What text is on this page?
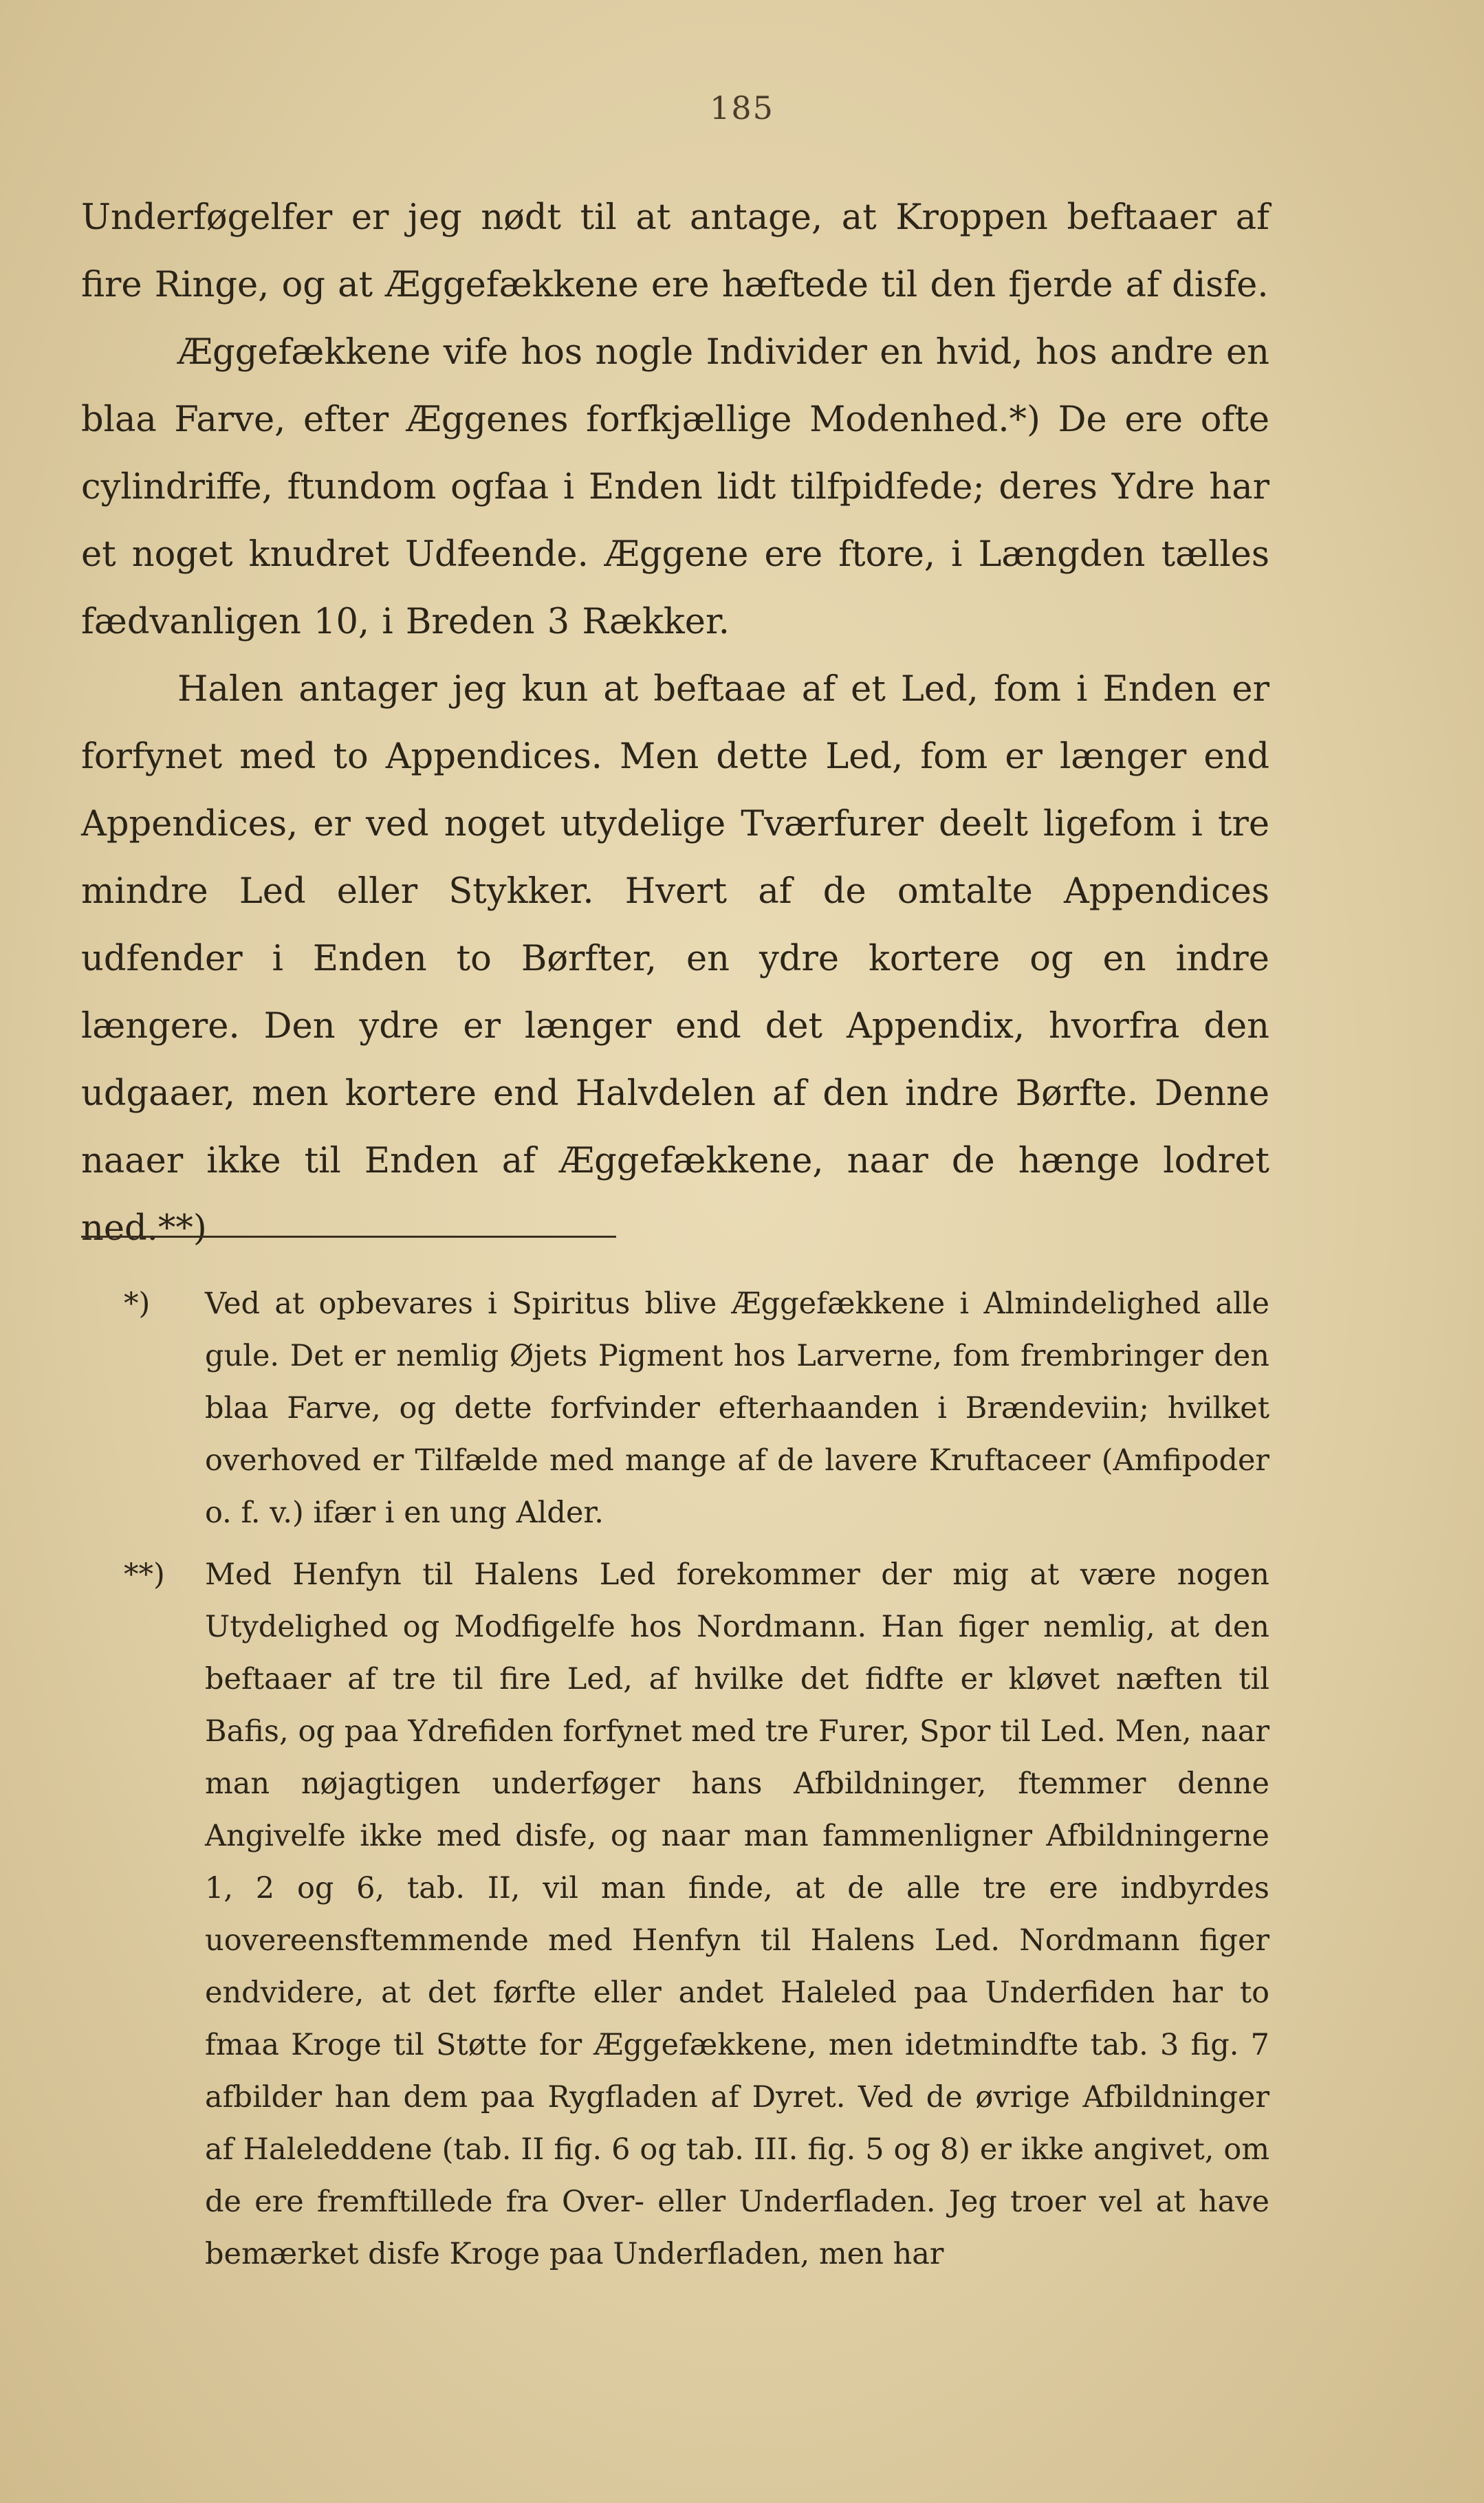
185

Underføgelfer er jeg nødt til at antage, at Kroppen beftaaer af fire Ringe, og at Æggefækkene ere hæftede til den fjerde af disfe.

Æggefækkene vife hos nogle Individer en hvid, hos andre en blaa Farve, efter Æggenes forfkjællige Modenhed.*) De ere ofte cylindriffe, ftundom ogfaa i Enden lidt tilfpidfede; deres Ydre har et noget knudret Udfeende. Æggene ere ftore, i Længden tælles fædvanligen 10, i Breden 3 Rækker.

Halen antager jeg kun at beftaae af et Led, fom i Enden er forfynet med to Appendices. Men dette Led, fom er længer end Appendices, er ved noget utydelige Tværfurer deelt ligefom i tre mindre Led eller Stykker. Hvert af de omtalte Appendices udfender i Enden to Børfter, en ydre kortere og en indre længere. Den ydre er længer end det Appendix, hvorfra den udgaaer, men kortere end Halvdelen af den indre Børfte. Denne naaer ikke til Enden af Æggefækkene, naar de hænge lodret ned.**)

*) Ved at opbevares i Spiritus blive Æggefækkene i Almindelighed alle gule. Det er nemlig Øjets Pigment hos Larverne, fom frembringer den blaa Farve, og dette forfvinder efterhaanden i Brændeviin; hvilket overhoved er Tilfælde med mange af de lavere Kruftaceer (Amfipoder o. f. v.) ifær i en ung Alder.
**) Med Henfyn til Halens Led forekommer der mig at være nogen Utydelighed og Modfigelfe hos Nordmann. Han figer nemlig, at den beftaaer af tre til fire Led, af hvilke det fidfte er kløvet næften til Bafis, og paa Ydrefiden forfynet med tre Furer, Spor til Led. Men, naar man nøjagtigen underføger hans Afbildninger, ftemmer denne Angivelfe ikke med disfe, og naar man fammenligner Afbildningerne 1, 2 og 6, tab. II, vil man finde, at de alle tre ere indbyrdes uovereensftemmende med Henfyn til Halens Led. Nordmann figer endvidere, at det førfte eller andet Haleled paa Underfiden har to fmaa Kroge til Støtte for Æggefækkene, men idetmindfte tab. 3 fig. 7 afbilder han dem paa Rygfladen af Dyret. Ved de øvrige Afbildninger af Haleleddene (tab. II fig. 6 og tab. III. fig. 5 og 8) er ikke angivet, om de ere fremftillede fra Over- eller Underfladen. Jeg troer vel at have bemærket disfe Kroge paa Underfladen, men har
